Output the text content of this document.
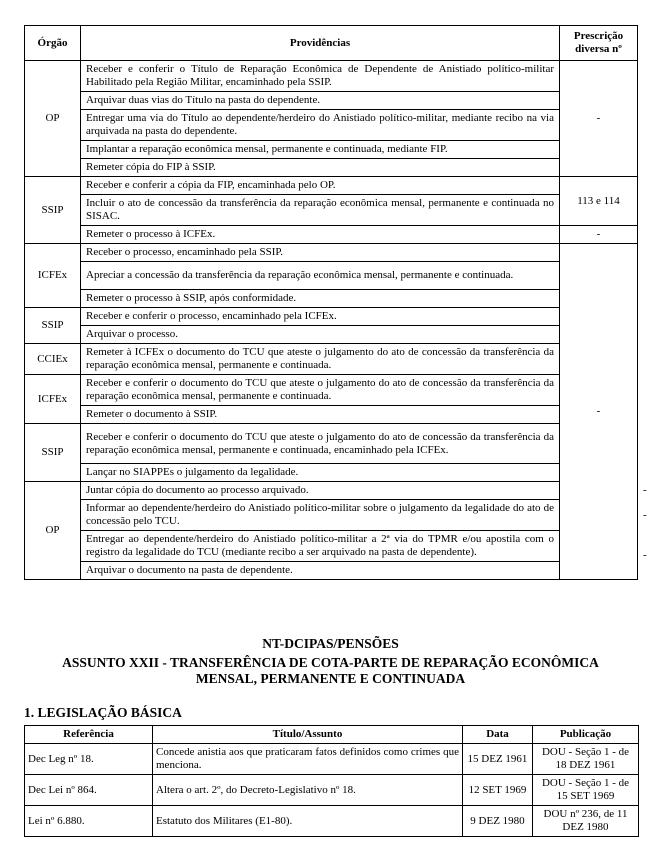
Órgão	Providências	Prescrição diversa nº	
OP	Receber e conferir o Título de Reparação Econômica de Dependente de Anistiado político-militar Habilitado pela Região Militar, encaminhado pela SSIP.	-	
	Arquivar duas vias do Título na pasta do dependente.		
	Entregar uma via do Título ao dependente/herdeiro do Anistiado político-militar, mediante recibo na via arquivada na pasta do dependente.		
	Implantar a reparação econômica mensal, permanente e continuada, mediante FIP.		
	Remeter cópia do FIP à SSIP.		
SSIP	Receber e conferir a cópia da FIP, encaminhada pelo OP.	113 e 114	
	Incluir o ato de concessão da transferência da reparação econômica mensal, permanente e continuada no SISAC.		
	Remeter o processo à ICFEx.	-	
ICFEx	Receber o processo, encaminhado pela SSIP.	-	
	Apreciar a concessão da transferência da reparação econômica mensal, permanente e continuada.		
	Remeter o processo à SSIP, após conformidade.		
SSIP	Receber e conferir o processo, encaminhado pela ICFEx.		
	Arquivar o processo.		
CCIEx	Remeter à ICFEx o documento do TCU que ateste o julgamento do ato de concessão da transferência da reparação econômica mensal, permanente e continuada.		
ICFEx	Receber e conferir o documento do TCU que ateste o julgamento do ato de concessão da transferência da reparação econômica mensal, permanente e continuada.		
	Remeter o documento à SSIP.		
SSIP	Receber e conferir o documento do TCU que ateste o julgamento do ato de concessão da transferência da reparação econômica mensal, permanente e continuada, encaminhado pela ICFEx.		
	Lançar no SIAPPEs o julgamento da legalidade.		
OP	Juntar cópia do documento ao processo arquivado.		-
	Informar ao dependente/herdeiro do Anistiado político-militar sobre o julgamento da legalidade do ato de concessão pelo TCU.		-
	Entregar ao dependente/herdeiro do Anistiado político-militar a 2ª via do TPMR e/ou apostila com o registro da legalidade do TCU (mediante recibo a ser arquivado na pasta de dependente).		-
	Arquivar o documento na pasta de dependente.		
NT-DCIPAS/PENSÕES
ASSUNTO XXII - TRANSFERÊNCIA DE COTA-PARTE DE REPARAÇÃO ECONÔMICA
MENSAL, PERMANENTE E CONTINUADA
1. LEGISLAÇÃO BÁSICA
Referência	Título/Assunto	Data	Publicação
Dec Leg nº 18.	Concede anistia aos que praticaram fatos definidos como crimes que menciona.	15 DEZ 1961	DOU - Seção 1 - de 18 DEZ 1961
Dec Lei nº 864.	Altera o art. 2º, do Decreto-Legislativo nº 18.	12 SET 1969	DOU - Seção 1 - de 15 SET 1969
Lei nº 6.880.	Estatuto dos Militares (E1-80).	9 DEZ 1980	DOU nº 236, de 11 DEZ 1980
